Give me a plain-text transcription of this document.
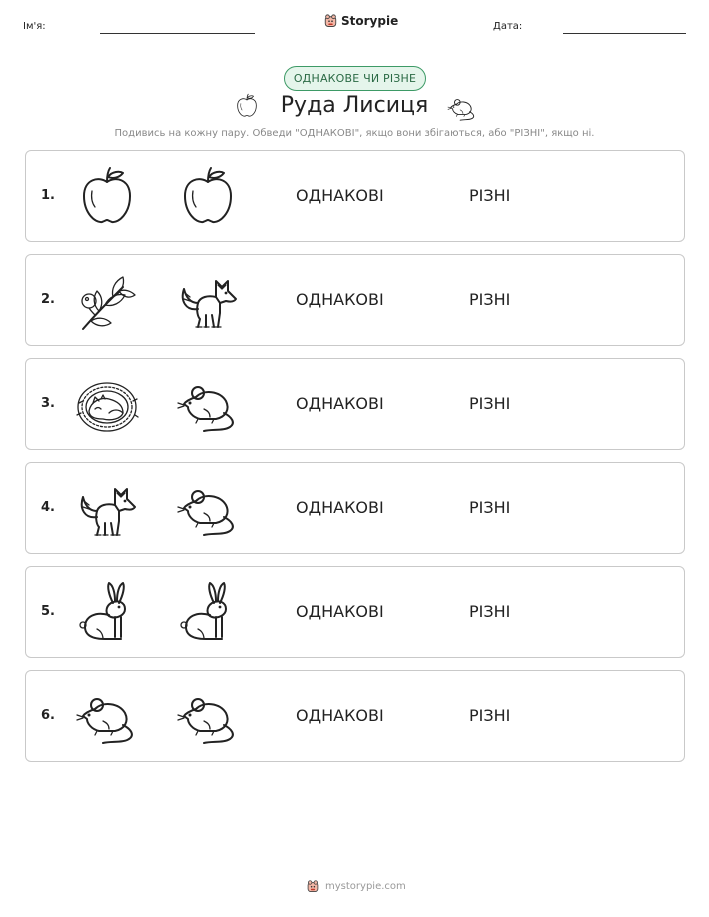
Ім'я:	Storypie	Дата:
ОДНАКОВЕ ЧИ РІЗНЕ
Руда Лисиця
Подивись на кожну пару. Обведи "ОДНАКОВІ", якщо вони збігаються, або "РІЗНІ", якщо ні.
1.	ОДНАКОВІ	РІЗНІ
2.	ОДНАКОВІ	РІЗНІ
3.	ОДНАКОВІ	РІЗНІ
4.	ОДНАКОВІ	РІЗНІ
5.	ОДНАКОВІ	РІЗНІ
6.	ОДНАКОВІ	РІЗНІ
mystorypie.com
